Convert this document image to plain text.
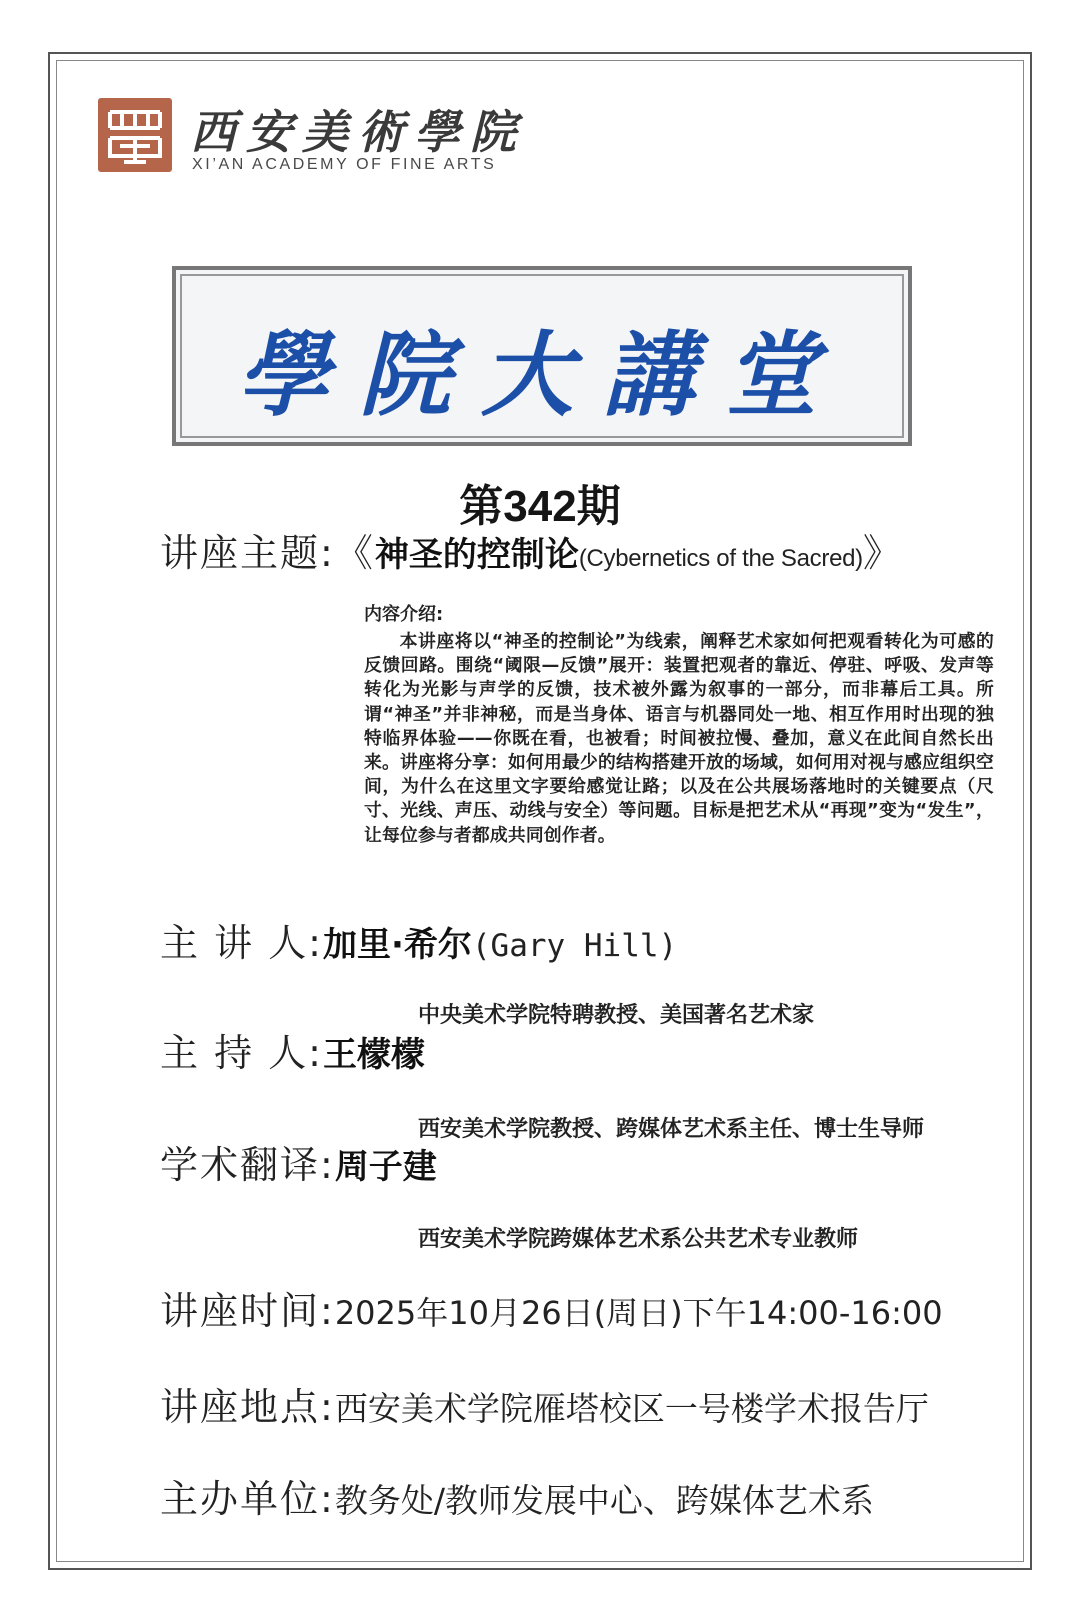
西安美術學院
XI’AN ACADEMY OF FINE ARTS
學院大講堂
第342期
讲座主题:《神圣的控制论(Cybernetics of the Sacred)》
内容介绍:
本讲座将以“神圣的控制论”为线索，阐释艺术家如何把观看转化为可感的反馈回路。围绕“阈限—反馈”展开：装置把观者的靠近、停驻、呼吸、发声等转化为光影与声学的反馈，技术被外露为叙事的一部分，而非幕后工具。所谓“神圣”并非神秘，而是当身体、语言与机器同处一地、相互作用时出现的独特临界体验——你既在看，也被看；时间被拉慢、叠加，意义在此间自然长出来。讲座将分享：如何用最少的结构搭建开放的场域，如何用对视与感应组织空间，为什么在这里文字要给感觉让路；以及在公共展场落地时的关键要点（尺寸、光线、声压、动线与安全）等问题。目标是把艺术从“再现”变为“发生”，让每位参与者都成共同创作者。
主 讲 人:加里·希尔(Gary Hill)
中央美术学院特聘教授、美国著名艺术家
主 持 人:王檬檬
西安美术学院教授、跨媒体艺术系主任、博士生导师
学术翻译:周子建
西安美术学院跨媒体艺术系公共艺术专业教师
讲座时间:2025年10月26日(周日)下午14:00-16:00
讲座地点:西安美术学院雁塔校区一号楼学术报告厅
主办单位:教务处/教师发展中心、跨媒体艺术系
